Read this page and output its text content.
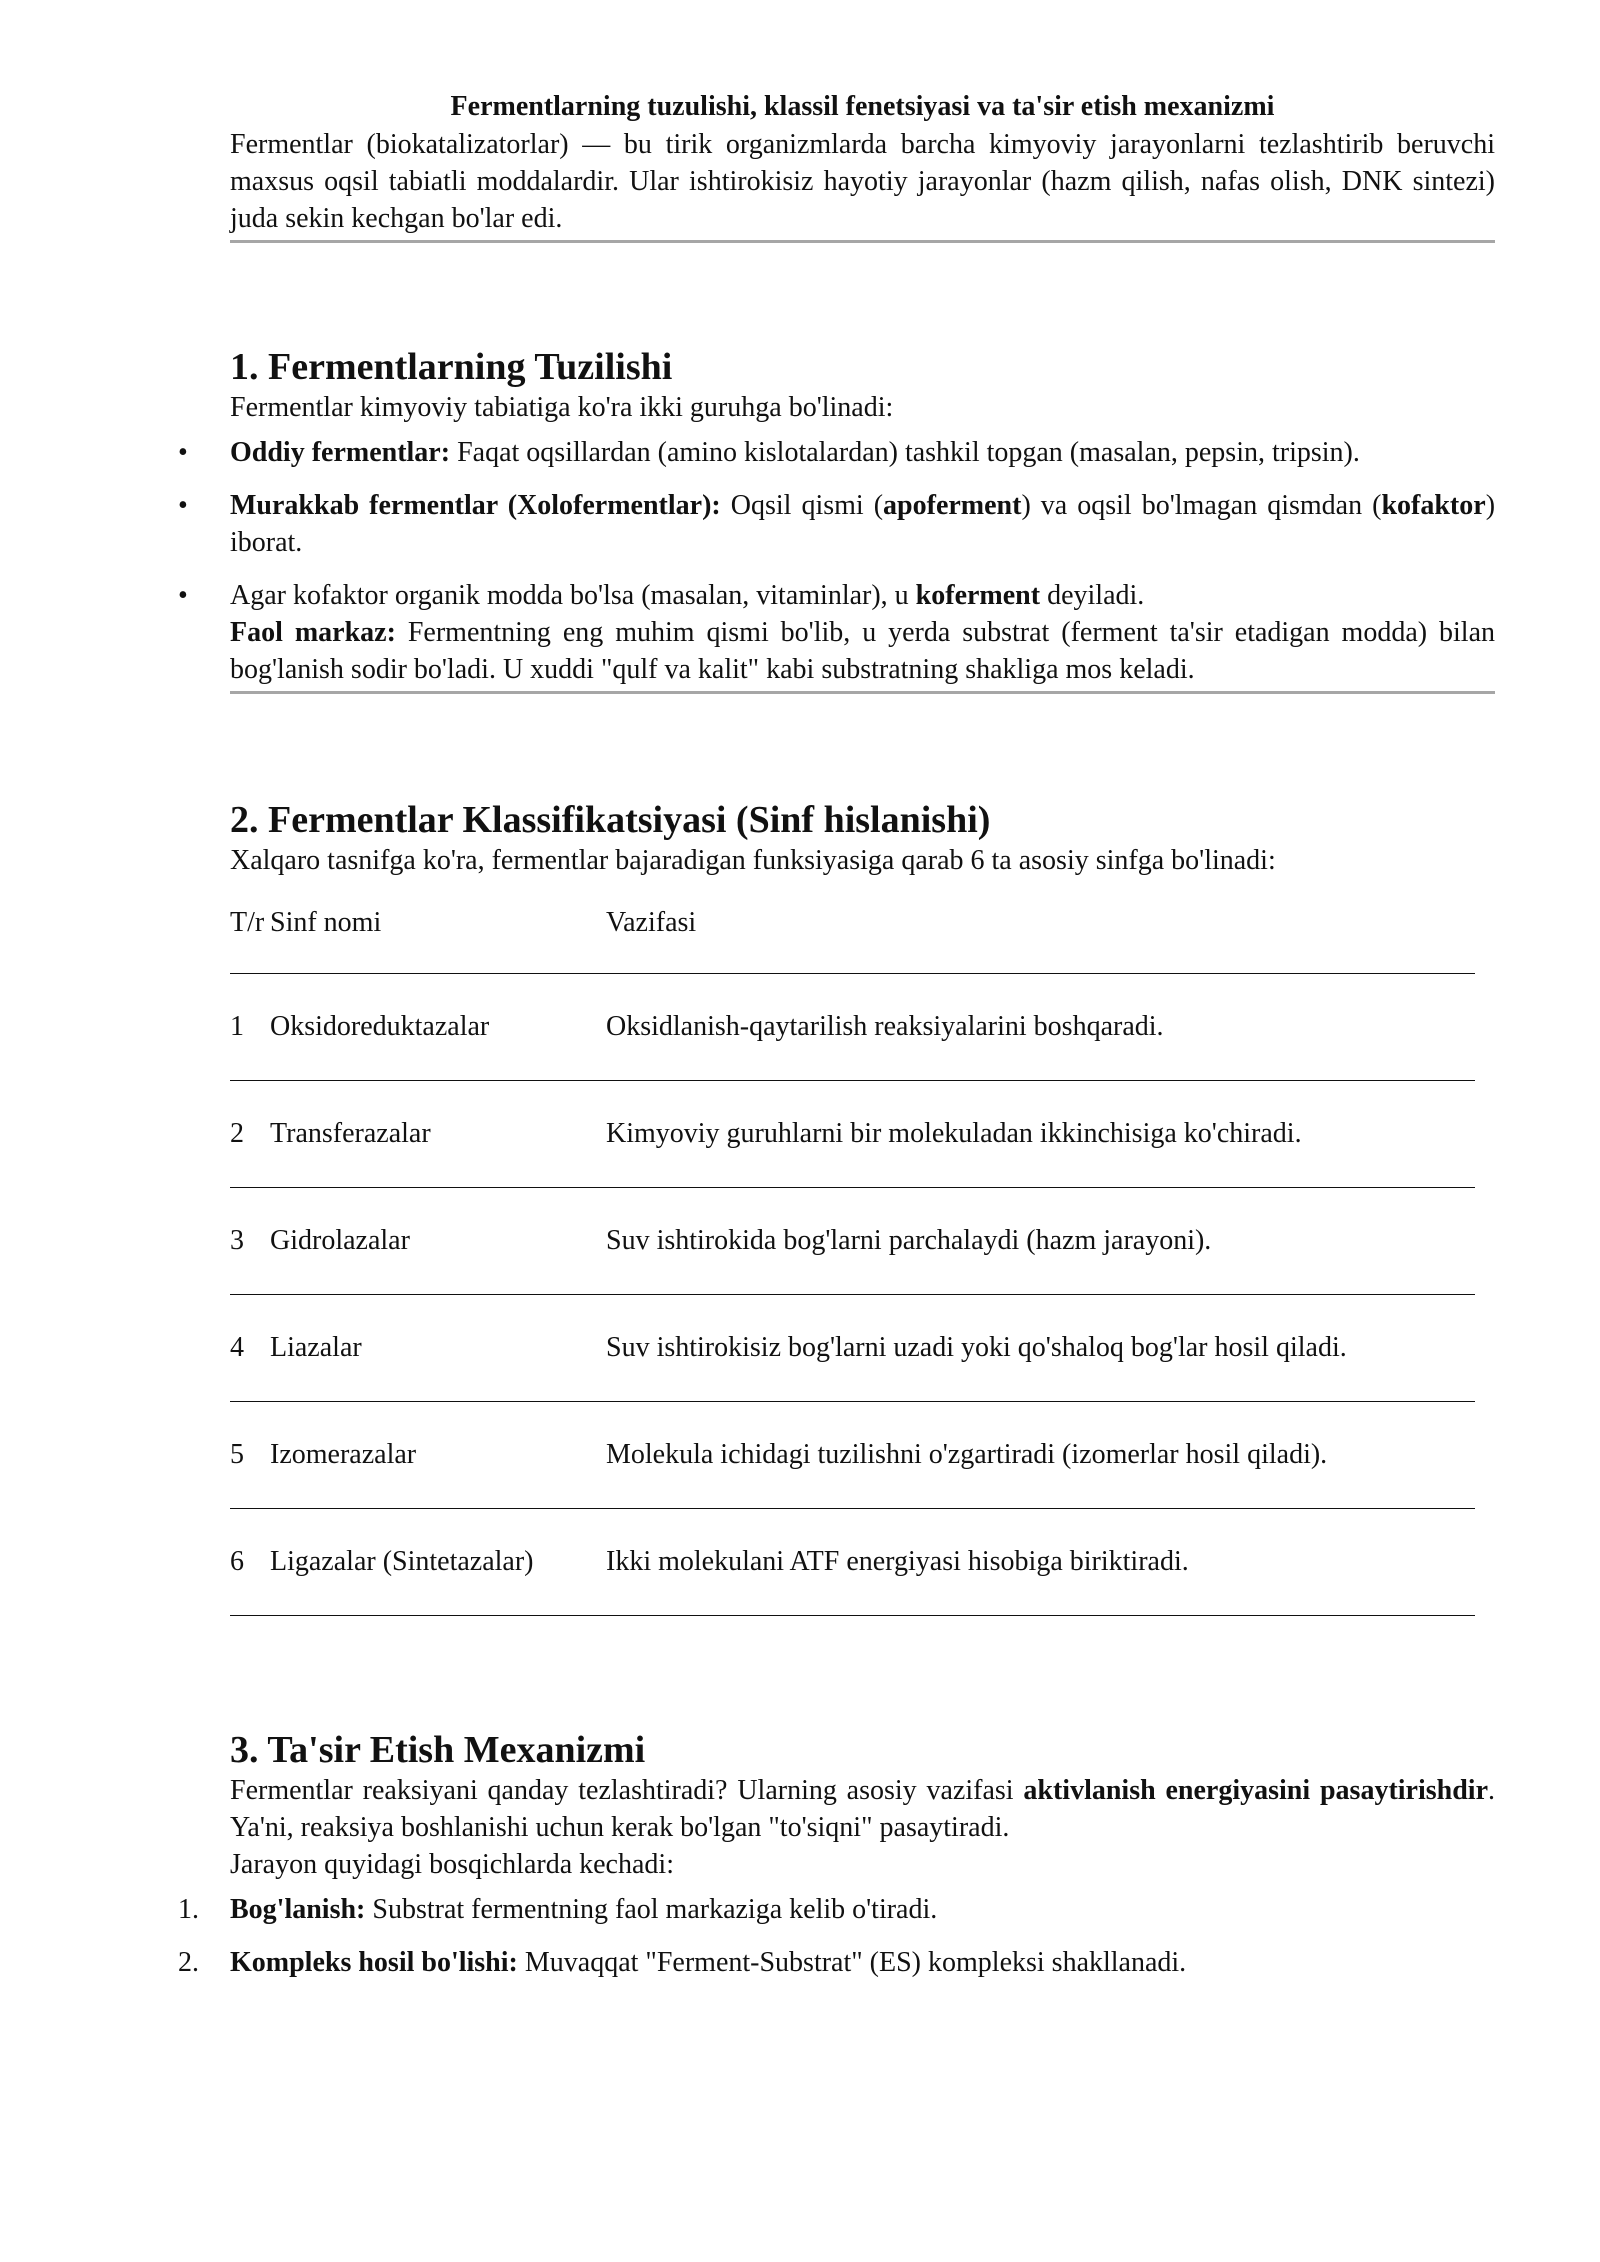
Fermentlarning tuzulishi, klassil fenetsiyasi va ta'sir etish mexanizmi

Fermentlar (biokatalizatorlar) — bu tirik organizmlarda barcha kimyoviy jarayonlarni tezlashtirib beruvchi maxsus oqsil tabiatli moddalardir. Ular ishtirokisiz hayotiy jarayonlar (hazm qilish, nafas olish, DNK sintezi) juda sekin kechgan bo'lar edi.

1. Fermentlarning Tuzilishi

Fermentlar kimyoviy tabiatiga ko'ra ikki guruhga bo'linadi:

• Oddiy fermentlar: Faqat oqsillardan (amino kislotalardan) tashkil topgan (masalan, pepsin, tripsin).
• Murakkab fermentlar (Xolofermentlar): Oqsil qismi (apoferment) va oqsil bo'lmagan qismdan (kofaktor) iborat.
• Agar kofaktor organik modda bo'lsa (masalan, vitaminlar), u koferment deyiladi.
Faol markaz: Fermentning eng muhim qismi bo'lib, u yerda substrat (ferment ta'sir etadigan modda) bilan bog'lanish sodir bo'ladi. U xuddi "qulf va kalit" kabi substratning shakliga mos keladi.
2. Fermentlar Klassifikatsiyasi (Sinf hislanishi)

Xalqaro tasnifga ko'ra, fermentlar bajaradigan funksiyasiga qarab 6 ta asosiy sinfga bo'linadi:

T/r	Sinf nomi	Vazifasi
1	Oksidoreduktazalar	Oksidlanish-qaytarilish reaksiyalarini boshqaradi.
2	Transferazalar	Kimyoviy guruhlarni bir molekuladan ikkinchisiga ko'chiradi.
3	Gidrolazalar	Suv ishtirokida bog'larni parchalaydi (hazm jarayoni).
4	Liazalar	Suv ishtirokisiz bog'larni uzadi yoki qo'shaloq bog'lar hosil qiladi.
5	Izomerazalar	Molekula ichidagi tuzilishni o'zgartiradi (izomerlar hosil qiladi).
6	Ligazalar (Sintetazalar)	Ikki molekulani ATF energiyasi hisobiga biriktiradi.
3. Ta'sir Etish Mexanizmi

Fermentlar reaksiyani qanday tezlashtiradi? Ularning asosiy vazifasi aktivlanish energiyasini pasaytirishdir. Ya'ni, reaksiya boshlanishi uchun kerak bo'lgan "to'siqni" pasaytiradi.

Jarayon quyidagi bosqichlarda kechadi:

1. Bog'lanish: Substrat fermentning faol markaziga kelib o'tiradi.
2. Kompleks hosil bo'lishi: Muvaqqat "Ferment-Substrat" (ES) kompleksi shakllanadi.
